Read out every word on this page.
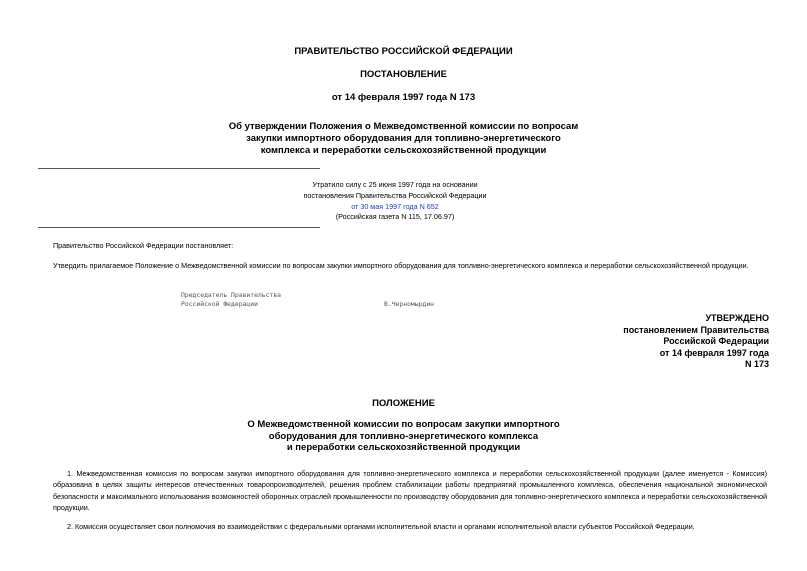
ПРАВИТЕЛЬСТВО РОССИЙСКОЙ ФЕДЕРАЦИИ
ПОСТАНОВЛЕНИЕ
от 14 февраля 1997 года N 173
Об утверждении Положения о Межведомственной комиссии по вопросам
закупки импортного оборудования для топливно-энергетического
комплекса и переработки сельскохозяйственной продукции
Утратило силу с 25 июня 1997 года на основании
постановления Правительства Российской Федерации
от 30 мая 1997 года N 652
(Российская газета N 115, 17.06.97)
Правительство Российской Федерации постановляет:
Утвердить прилагаемое Положение о Межведомственной комиссии по вопросам закупки импортного оборудования для топливно-энергетического комплекса и переработки сельскохозяйственной продукции.
Председатель Правительства
Российской Федерации	В.Черномырдин
УТВЕРЖДЕНО
постановлением Правительства
Российской Федерации
от 14 февраля 1997 года
N 173
ПОЛОЖЕНИЕ
О Межведомственной комиссии по вопросам закупки импортного
оборудования для топливно-энергетического комплекса
и переработки сельскохозяйственной продукции
1. Межведомственная комиссия по вопросам закупки импортного оборудования для топливно-энергетического комплекса и переработки сельскохозяйственной продукции (далее именуется - Комиссия) образована в целях защиты интересов отечественных товаропроизводителей, решения проблем стабилизации работы предприятий промышленного комплекса, обеспечения национальной экономической безопасности и максимального использования возможностей оборонных отраслей промышленности по производству оборудования для топливно-энергетического комплекса и переработки сельскохозяйственной продукции.
2. Комиссия осуществляет свои полномочия во взаимодействии с федеральными органами исполнительной власти и органами исполнительной власти субъектов Российской Федерации.
